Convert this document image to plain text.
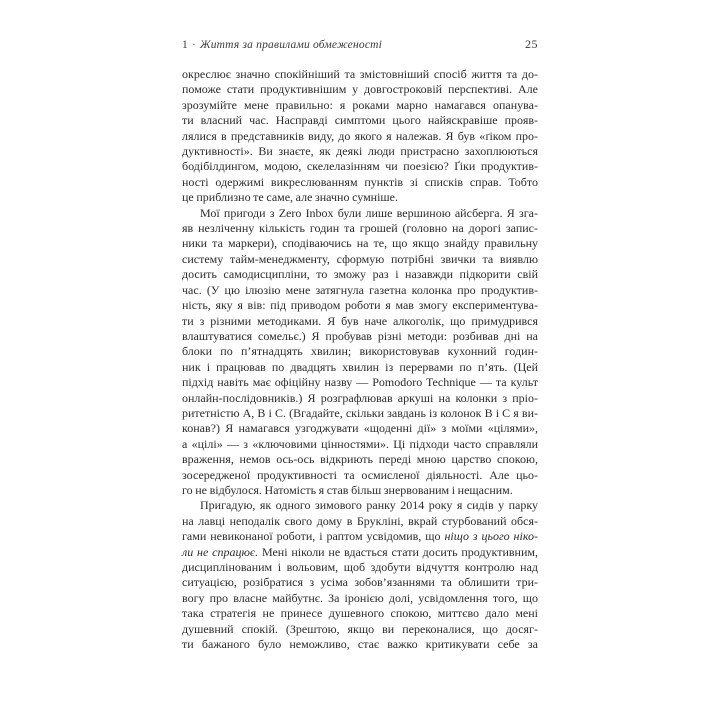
1 · Життя за правилами обмеженості	25
окреслює значно спокійніший та змістовніший спосіб життя та до-
поможе стати продуктивнішим у довгостроковій перспективі. Але
зрозумійте мене правильно: я роками марно намагався опанува-
ти власний час. Насправді симптоми цього найяскравіше прояв-
лялися в представників виду, до якого я належав. Я був «ґіком про-
дуктивності». Ви знаєте, як деякі люди пристрасно захоплюються
бодібілдингом, модою, скелелазінням чи поезією? Ґіки продуктив-
ності одержимі викреслюванням пунктів зі списків справ. Тобто
це приблизно те саме, але значно сумніше.
Мої пригоди з Zero Inbox були лише вершиною айсберга. Я зга-
яв незліченну кількість годин та грошей (головно на дорогі запис-
ники та маркери), сподіваючись на те, що якщо знайду правильну
систему тайм-менеджменту, сформую потрібні звички та виявлю
досить самодисципліни, то зможу раз і назавжди підкорити свій
час. (У цю ілюзію мене затягнула газетна колонка про продуктив-
ність, яку я вів: під приводом роботи я мав змогу експериментува-
ти з різними методиками. Я був наче алкоголік, що примудрився
влаштуватися сомельє.) Я пробував різні методи: розбивав дні на
блоки по п’ятнадцять хвилин; використовував кухонний годин-
ник і працював по двадцять хвилин із перервами по п’ять. (Цей
підхід навіть має офіційну назву — Pomodoro Technique — та культ
онлайн-послідовників.) Я розграфлював аркуші на колонки з пріо-
ритетністю А, В і С. (Вгадайте, скільки завдань із колонок В і С я ви-
конав?) Я намагався узгоджувати «щоденні дії» з моїми «цілями»,
а «цілі» — з «ключовими цінностями». Ці підходи часто справляли
враження, немов ось-ось відкриють переді мною царство спокою,
зосередженої продуктивності та осмисленої діяльності. Але цьо-
го не відбулося. Натомість я став більш знервованим і нещасним.
Пригадую, як одного зимового ранку 2014 року я сидів у парку
на лавці неподалік свого дому в Брукліні, вкрай стурбований обся-
гами невиконаної роботи, і раптом усвідомив, що ніщо з цього ніко-
ли не спрацює. Мені ніколи не вдасться стати досить продуктивним,
дисциплінованим і вольовим, щоб здобути відчуття контролю над
ситуацією, розібратися з усіма зобов’язаннями та облишити три-
вогу про власне майбутнє. За іронією долі, усвідомлення того, що
така стратегія не принесе душевного спокою, миттєво дало мені
душевний спокій. (Зрештою, якщо ви переконалися, що досяг-
ти бажаного було неможливо, стає важко критикувати себе за
